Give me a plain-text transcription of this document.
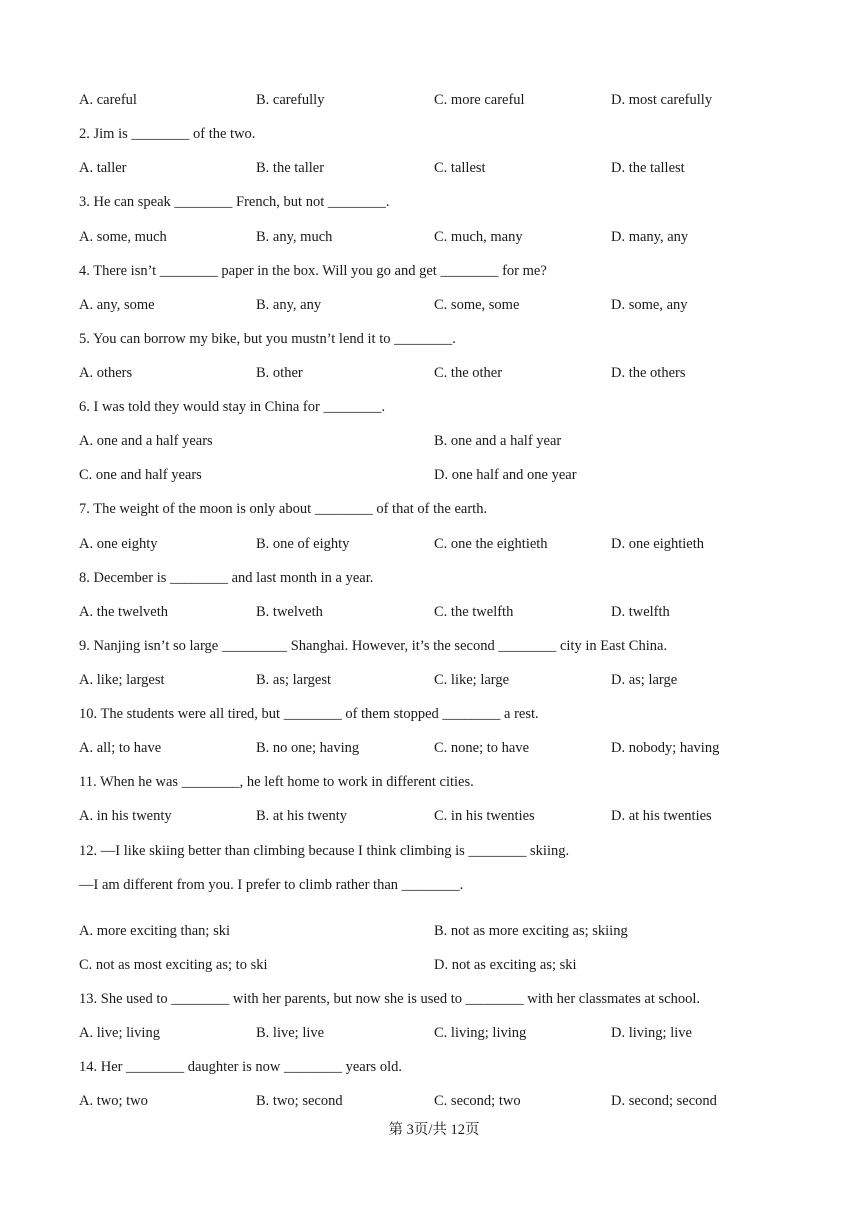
A. careful	B. carefully	C. more careful	D. most carefully
2. Jim is ________ of the two.
A. taller	B. the taller	C. tallest	D. the tallest
3. He can speak ________ French, but not ________.
A. some, much	B. any, much	C. much, many	D. many, any
4. There isn’t ________ paper in the box. Will you go and get ________ for me?
A. any, some	B. any, any	C. some, some	D. some, any
5. You can borrow my bike, but you mustn’t lend it to ________.
A. others	B. other	C. the other	D. the others
6. I was told they would stay in China for ________.
A. one and a half years	B. one and a half year
C. one and half years	D. one half and one year
7. The weight of the moon is only about ________ of that of the earth.
A. one eighty	B. one of eighty	C. one the eightieth	D. one eightieth
8. December is ________ and last month in a year.
A. the twelveth	B. twelveth	C. the twelfth	D. twelfth
9. Nanjing isn’t so large _________ Shanghai. However, it’s the second ________ city in East China.
A. like; largest	B. as; largest	C. like; large	D. as; large
10. The students were all tired, but ________ of them stopped ________ a rest.
A. all; to have	B. no one; having	C. none; to have	D. nobody; having
11. When he was ________, he left home to work in different cities.
A. in his twenty	B. at his twenty	C. in his twenties	D. at his twenties
12. —I like skiing better than climbing because I think climbing is ________ skiing.
—I am different from you. I prefer to climb rather than ________.
A. more exciting than; ski	B. not as more exciting as; skiing
C. not as most exciting as; to ski	D. not as exciting as; ski
13. She used to ________ with her parents, but now she is used to ________ with her classmates at school.
A. live; living	B. live; live	C. living; living	D. living; live
14. Her ________ daughter is now ________ years old.
A. two; two	B. two; second	C. second; two	D. second; second
第 3页/共 12页
